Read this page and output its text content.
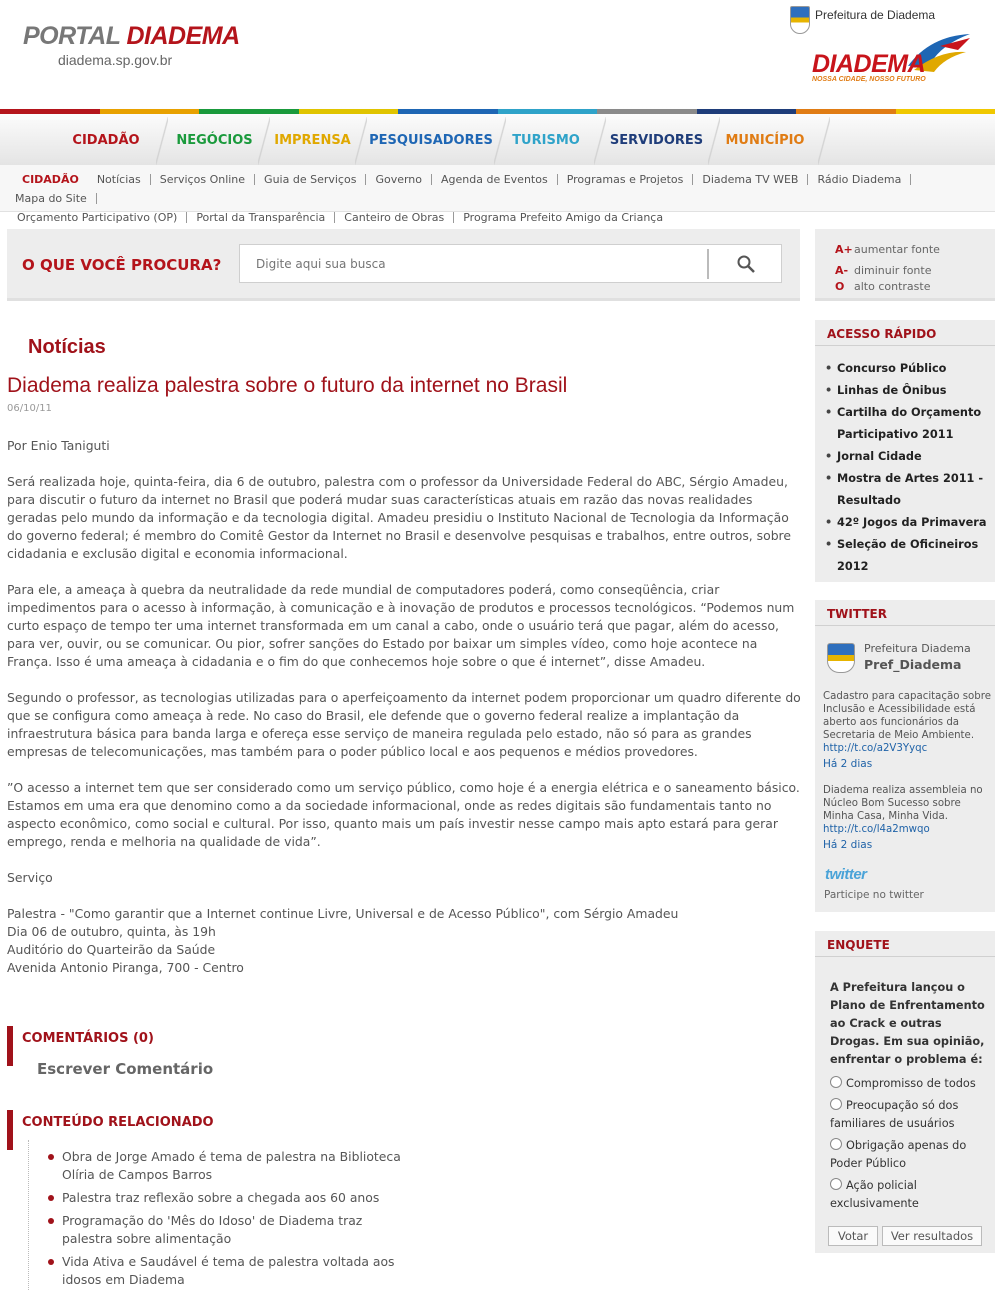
PORTAL DIADEMA
diadema.sp.gov.br
Prefeitura de Diadema
DIADEMA
NOSSA CIDADE, NOSSO FUTURO
CIDADÃO	NEGÓCIOS IMPRENSA PESQUISADORES TURISMO SERVIDORES MUNICÍPIO
CIDADÃO Notícias Serviços Online Guia de Serviços Governo Agenda de Eventos Programas e Projetos Diadema TV WEB Rádio DiademaMapa do Site
Orçamento Participativo (OP) Portal da Transparência Canteiro de Obras Programa Prefeito Amigo da Criança
O QUE VOCÊ PROCURA?
Digite aqui sua busca
A+aumentar fonte
A- diminuir fonte
O alto contraste
Notícias
Diadema realiza palestra sobre o futuro da internet no Brasil
06/10/11

Por Enio Taniguti

Será realizada hoje, quinta-feira, dia 6 de outubro, palestra com o professor da Universidade Federal do ABC, Sérgio Amadeu, para discutir o futuro da internet no Brasil que poderá mudar suas características atuais em razão das novas realidades geradas pelo mundo da informação e da tecnologia digital. Amadeu presidiu o Instituto Nacional de Tecnologia da Informação do governo federal; é membro do Comitê Gestor da Internet no Brasil e desenvolve pesquisas e trabalhos, entre outros, sobre cidadania e exclusão digital e economia informacional.

Para ele, a ameaça à quebra da neutralidade da rede mundial de computadores poderá, como conseqüência, criar impedimentos para o acesso à informação, à comunicação e à inovação de produtos e processos tecnológicos. “Podemos num curto espaço de tempo ter uma internet transformada em um canal a cabo, onde o usuário terá que pagar, além do acesso, para ver, ouvir, ou se comunicar. Ou pior, sofrer sanções do Estado por baixar um simples vídeo, como hoje acontece na França. Isso é uma ameaça à cidadania e o fim do que conhecemos hoje sobre o que é internet”, disse Amadeu.

Segundo o professor, as tecnologias utilizadas para o aperfeiçoamento da internet podem proporcionar um quadro diferente do que se configura como ameaça à rede. No caso do Brasil, ele defende que o governo federal realize a implantação da infraestrutura básica para banda larga e ofereça esse serviço de maneira regulada pelo estado, não só para as grandes empresas de telecomunicações, mas também para o poder público local e aos pequenos e médios provedores.

”O acesso a internet tem que ser considerado como um serviço público, como hoje é a energia elétrica e o saneamento básico. Estamos em uma era que denomino como a da sociedade informacional, onde as redes digitais são fundamentais tanto no aspecto econômico, como social e cultural. Por isso, quanto mais um país investir nesse campo mais apto estará para gerar emprego, renda e melhoria na qualidade de vida”.

Serviço

Palestra - "Como garantir que a Internet continue Livre, Universal e de Acesso Público", com Sérgio Amadeu
Dia 06 de outubro, quinta, às 19h
Auditório do Quarteirão da Saúde
Avenida Antonio Piranga, 700 - Centro

COMENTÁRIOS (0)
Escrever Comentário
CONTEÚDO RELACIONADO
Obra de Jorge Amado é tema de palestra na Biblioteca Olíria de Campos Barros
Palestra traz reflexão sobre a chegada aos 60 anos
Programação do 'Mês do Idoso' de Diadema traz palestra sobre alimentação
Vida Ativa e Saudável é tema de palestra voltada aos idosos em Diadema
ACESSO RÁPIDO
• Concurso Público
• Linhas de Ônibus
• Cartilha do Orçamento Participativo 2011
• Jornal Cidade
• Mostra de Artes 2011 - Resultado
• 42º Jogos da Primavera
• Seleção de Oficineiros 2012
TWITTER
Prefeitura Diadema
Pref_Diadema
Cadastro para capacitação sobre Inclusão e Acessibilidade está aberto aos funcionários da Secretaria de Meio Ambiente. http://t.co/a2V3Yyqc
Há 2 dias
Diadema realiza assembleia no Núcleo Bom Sucesso sobre Minha Casa, Minha Vida. http://t.co/l4a2mwqo
Há 2 dias
twitter
Participe no twitter
ENQUETE
A Prefeitura lançou o Plano de Enfrentamento ao Crack e outras Drogas. Em sua opinião, enfrentar o problema é:
Compromisso de todos
Preocupação só dos familiares de usuários
Obrigação apenas do Poder Público
Ação policial exclusivamente
Votar	Ver resultados
